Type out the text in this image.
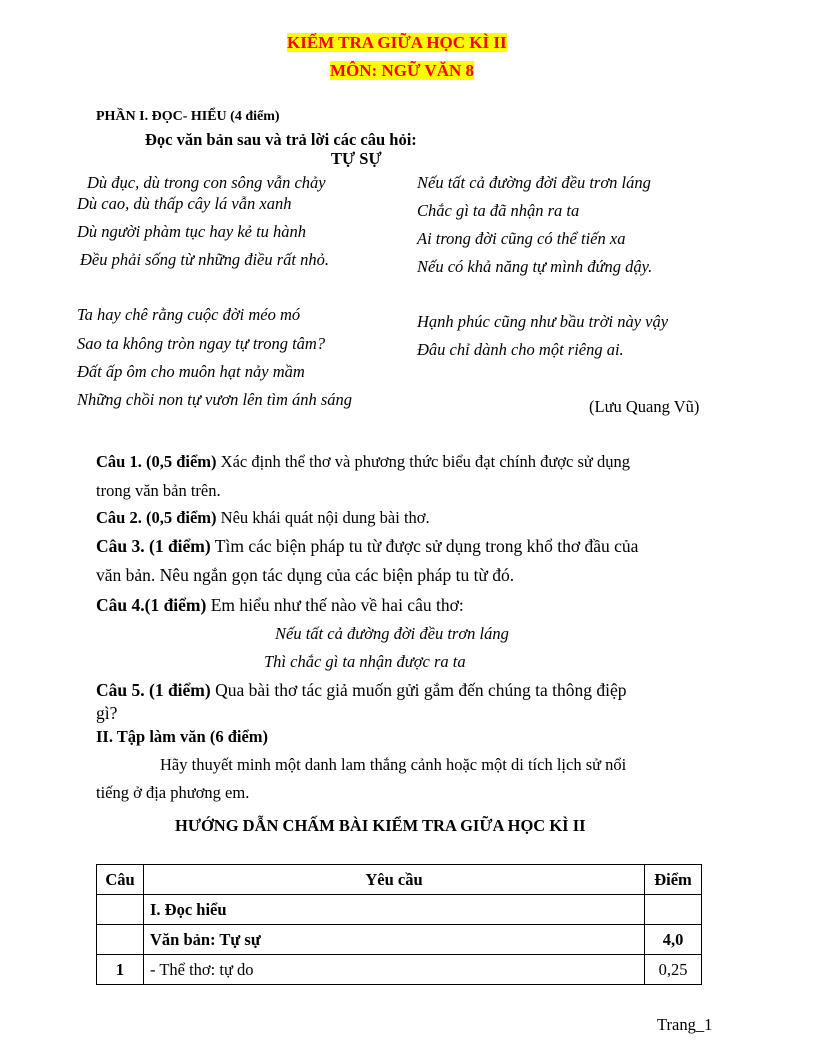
KIỂM TRA GIỮA HỌC KÌ II
MÔN: NGỮ VĂN 8
PHẦN I. ĐỌC- HIỂU (4 điểm)
Đọc văn bản sau và trả lời các câu hỏi:
TỰ SỰ
Dù đục, dù trong con sông vẫn chảy
Dù cao, dù thấp cây lá vẫn xanh
Dù người phàm tục hay kẻ tu hành
Đều phải sống từ những điều rất nhỏ.
Ta hay chê rằng cuộc đời méo mó
Sao ta không tròn ngay tự trong tâm?
Đất ấp ôm cho muôn hạt nảy mầm
Những chồi non tự vươn lên tìm ánh sáng
Nếu tất cả đường đời đều trơn láng
Chắc gì ta đã nhận ra ta
Ai trong đời cũng có thể tiến xa
Nếu có khả năng tự mình đứng dậy.
Hạnh phúc cũng như bầu trời này vậy
Đâu chỉ dành cho một riêng ai.
(Lưu Quang Vũ)
Câu 1. (0,5 điểm) Xác định thể thơ và phương thức biểu đạt chính được sử dụng
trong văn bản trên.
Câu 2. (0,5 điểm) Nêu khái quát nội dung bài thơ.
Câu 3. (1 điểm) Tìm các biện pháp tu từ được sử dụng trong khổ thơ đầu của
văn bản. Nêu ngắn gọn tác dụng của các biện pháp tu từ đó.
Câu 4.(1 điểm) Em hiểu như thế nào về hai câu thơ:
Nếu tất cả đường đời đều trơn láng
Thì chắc gì ta nhận được ra ta
Câu 5. (1 điểm) Qua bài thơ tác giả muốn gửi gắm đến chúng ta thông điệp
gì?
II. Tập làm văn (6 điểm)
Hãy thuyết minh một danh lam thắng cảnh hoặc một di tích lịch sử nổi
tiếng ở địa phương em.
HƯỚNG DẪN CHẤM BÀI KIỂM TRA GIỮA HỌC KÌ II
Câu	Yêu cầu	Điểm
	I. Đọc hiểu	
	Văn bản: Tự sự	4,0
1	- Thể thơ: tự do	0,25
Trang_1
